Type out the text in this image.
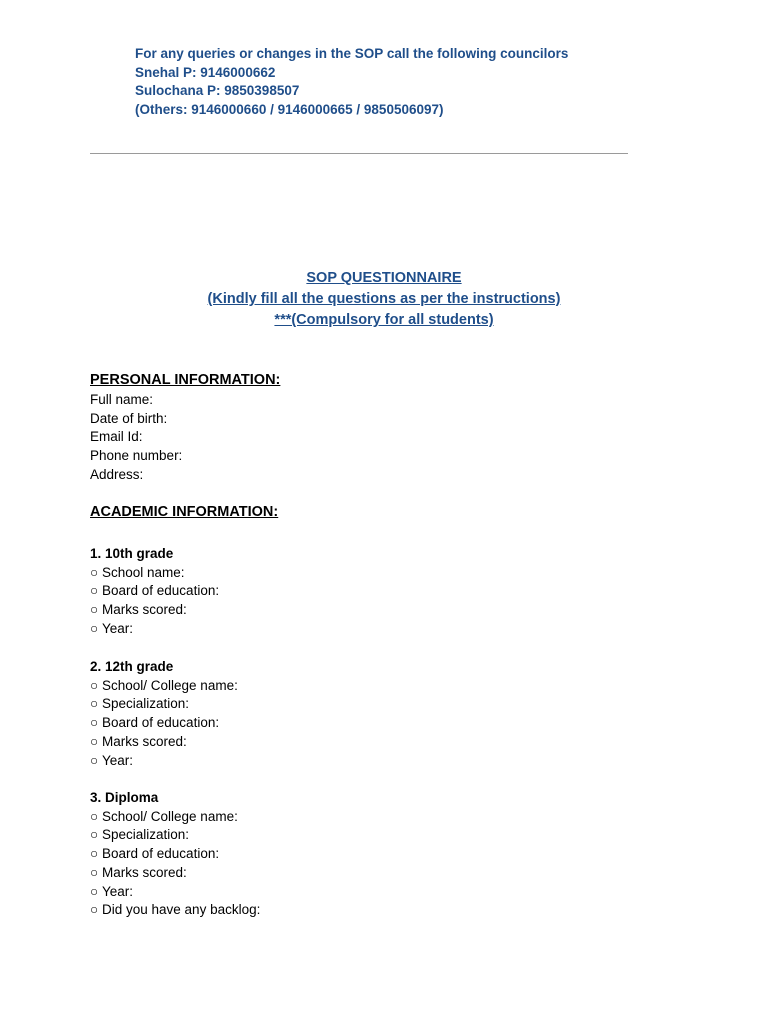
For any queries or changes in the SOP call the following councilors
Snehal P: 9146000662
Sulochana P: 9850398507
(Others: 9146000660 / 9146000665 / 9850506097)
SOP QUESTIONNAIRE
(Kindly fill all the questions as per the instructions)
***(Compulsory for all students)
PERSONAL INFORMATION:
Full name:
Date of birth:
Email Id:
Phone number:
Address:
ACADEMIC INFORMATION:
1. 10th grade
○ School name:
○ Board of education:
○ Marks scored:
○ Year:
2. 12th grade
○ School/ College name:
○ Specialization:
○ Board of education:
○ Marks scored:
○ Year:
3. Diploma
○ School/ College name:
○ Specialization:
○ Board of education:
○ Marks scored:
○ Year:
○ Did you have any backlog:
